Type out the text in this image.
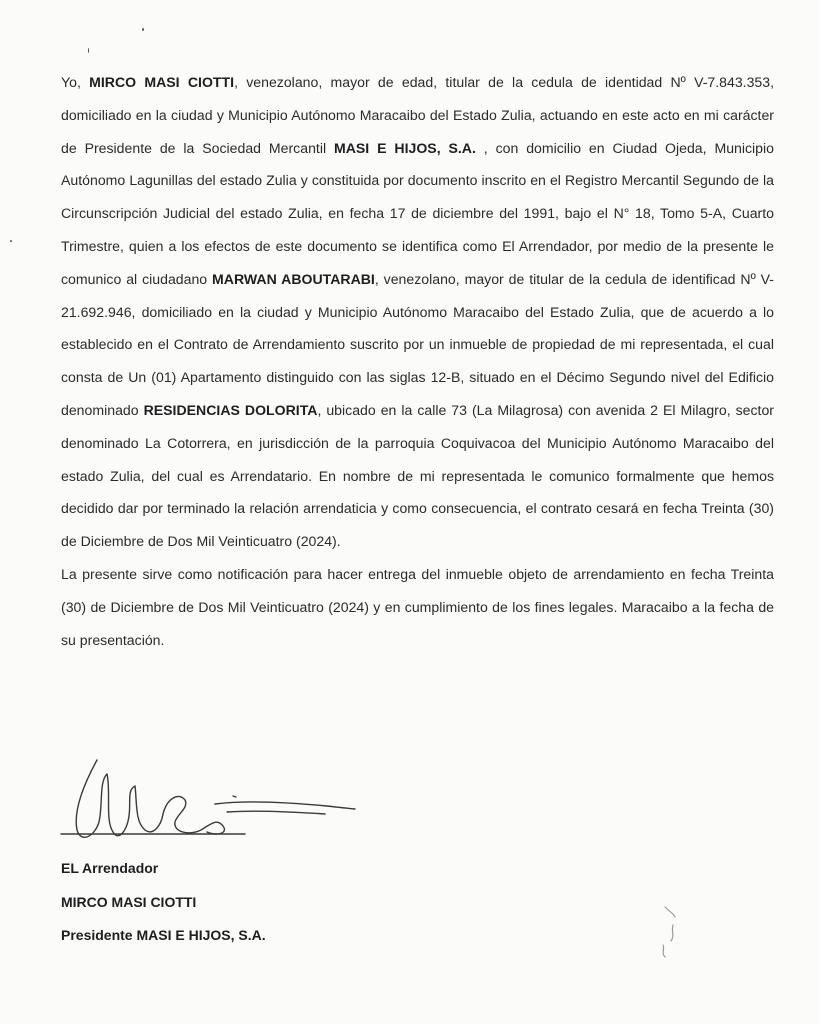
Yo, MIRCO MASI CIOTTI, venezolano, mayor de edad, titular de la cedula de identidad Nº V-7.843.353, domiciliado en la ciudad y Municipio Autónomo Maracaibo del Estado Zulia, actuando en este acto en mi carácter de Presidente de la Sociedad Mercantil MASI E HIJOS, S.A. , con domicilio en Ciudad Ojeda, Municipio Autónomo Lagunillas del estado Zulia y constituida por documento inscrito en el Registro Mercantil Segundo de la Circunscripción Judicial del estado Zulia, en fecha 17 de diciembre del 1991, bajo el N° 18, Tomo 5-A, Cuarto Trimestre, quien a los efectos de este documento se identifica como El Arrendador, por medio de la presente le comunico al ciudadano MARWAN ABOUTARABI, venezolano, mayor de titular de la cedula de identificad Nº V-21.692.946, domiciliado en la ciudad y Municipio Autónomo Maracaibo del Estado Zulia, que de acuerdo a lo establecido en el Contrato de Arrendamiento suscrito por un inmueble de propiedad de mi representada, el cual consta de Un (01) Apartamento distinguido con las siglas 12-B, situado en el Décimo Segundo nivel del Edificio denominado RESIDENCIAS DOLORITA, ubicado en la calle 73 (La Milagrosa) con avenida 2 El Milagro, sector denominado La Cotorrera, en jurisdicción de la parroquia Coquivacoa del Municipio Autónomo Maracaibo del estado Zulia, del cual es Arrendatario. En nombre de mi representada le comunico formalmente que hemos decidido dar por terminado la relación arrendaticia y como consecuencia, el contrato cesará en fecha Treinta (30) de Diciembre de Dos Mil Veinticuatro (2024).

La presente sirve como notificación para hacer entrega del inmueble objeto de arrendamiento en fecha Treinta (30) de Diciembre de Dos Mil Veinticuatro (2024) y en cumplimiento de los fines legales. Maracaibo a la fecha de su presentación.

EL Arrendador
MIRCO MASI CIOTTI
Presidente MASI E HIJOS, S.A.
